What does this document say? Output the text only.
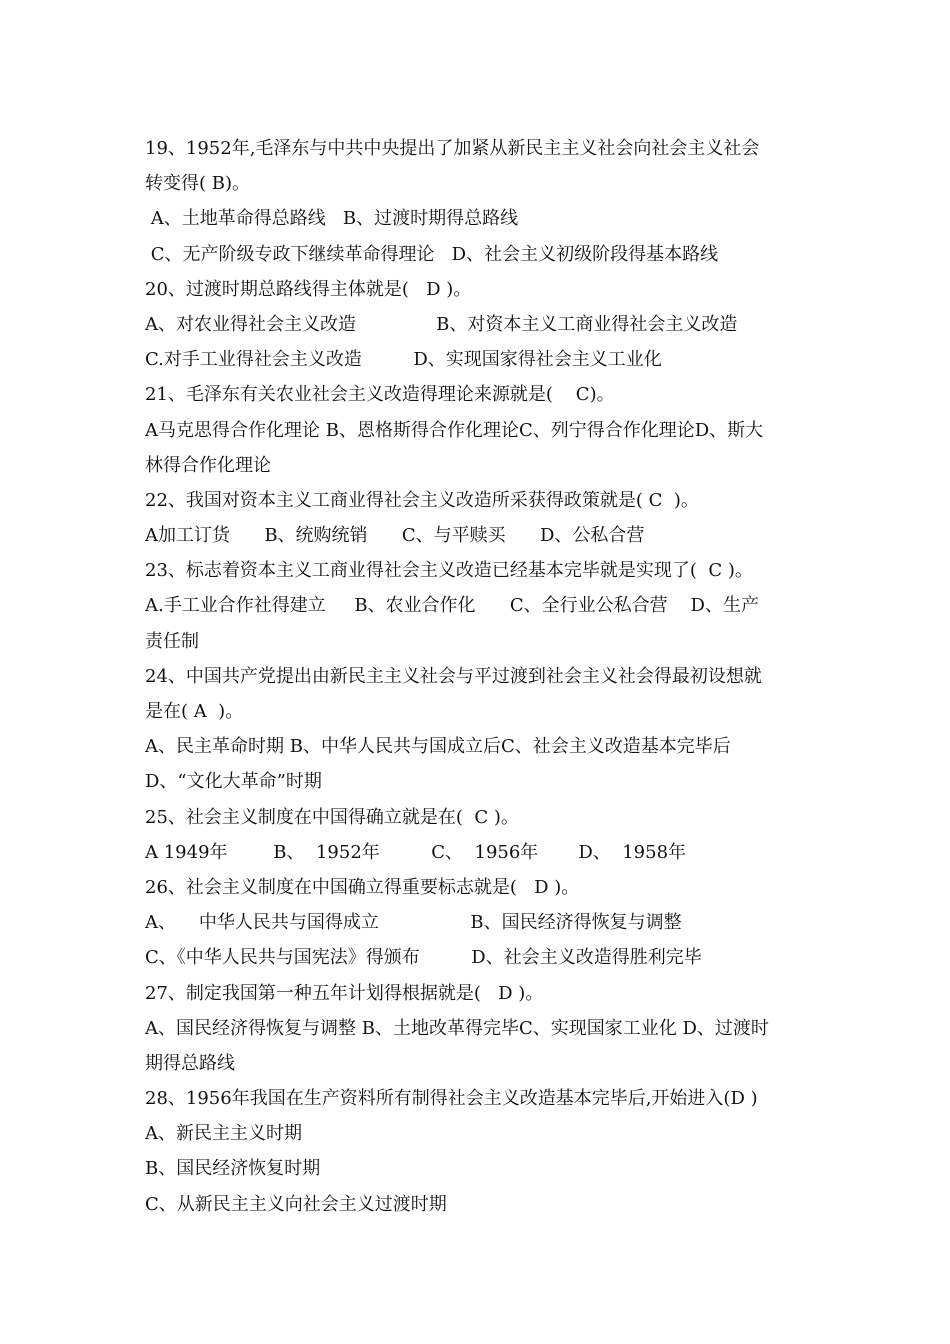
19、1952年,毛泽东与中共中央提出了加紧从新民主主义社会向社会主义社会
转变得( B)。
A、土地革命得总路线   B、过渡时期得总路线
C、无产阶级专政下继续革命得理论   D、社会主义初级阶段得基本路线
20、过渡时期总路线得主体就是(   D )。
A、对农业得社会主义改造              B、对资本主义工商业得社会主义改造
C.对手工业得社会主义改造         D、实现国家得社会主义工业化
21、毛泽东有关农业社会主义改造得理论来源就是(    C)。
A马克思得合作化理论 B、恩格斯得合作化理论C、列宁得合作化理论D、斯大
林得合作化理论
22、我国对资本主义工商业得社会主义改造所采获得政策就是( C  )。
A加工订货      B、统购统销      C、与平赎买      D、公私合营
23、标志着资本主义工商业得社会主义改造已经基本完毕就是实现了(  C )。
A.手工业合作社得建立     B、农业合作化      C、全行业公私合营    D、生产
责任制
24、中国共产党提出由新民主主义社会与平过渡到社会主义社会得最初设想就
是在( A  )。
A、民主革命时期 B、中华人民共与国成立后C、社会主义改造基本完毕后
D、“文化大革命”时期
25、社会主义制度在中国得确立就是在(  C )。
A 1949年        B、  1952年         C、  1956年       D、  1958年
26、社会主义制度在中国确立得重要标志就是(   D )。
A、    中华人民共与国得成立                B、国民经济得恢复与调整
C、《中华人民共与国宪法》得颁布         D、社会主义改造得胜利完毕
27、制定我国第一种五年计划得根据就是(   D )。
A、国民经济得恢复与调整 B、土地改革得完毕C、实现国家工业化 D、过渡时
期得总路线
28、1956年我国在生产资料所有制得社会主义改造基本完毕后,开始进入(D )
A、新民主主义时期
B、国民经济恢复时期
C、从新民主主义向社会主义过渡时期
